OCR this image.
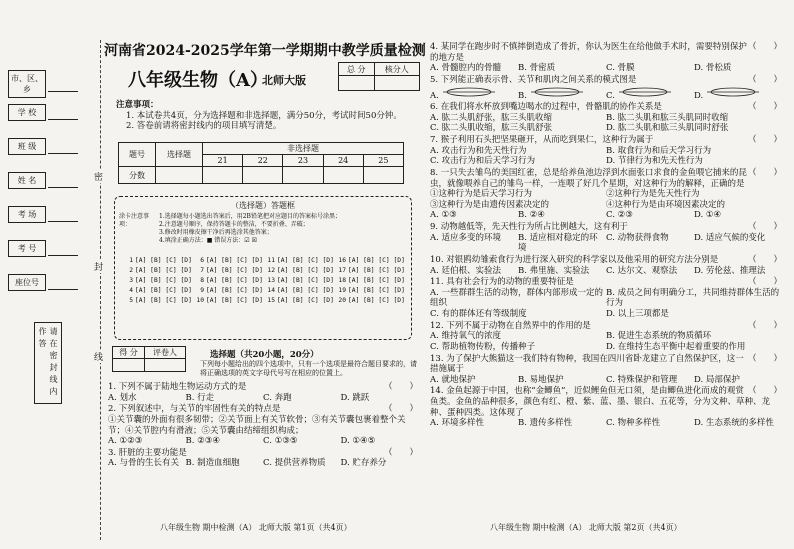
市、区、乡
学 校
班 级
姓 名
考 场
考 号
座位号
密
封
线
请在密封线内作答
河南省2024-2025学年第一学期期中教学质量检测
八年级生物（A）
北师大版
总 分	核分人

注意事项：
1. 本试卷共4页，分为选择题和非选择题，满分50分，考试时间50分钟。
2. 答卷前请将密封线内的项目填写清楚。
题号	选择题	非选择题				
		21	22	23	24	25
分数						
（选择题）答题框
涂卡注意事项：
1.选择题每小题选出答案后，用2B铅笔把对应题目的答案标号涂黑；
2.注意题号顺序，保持答题卡的整洁，不要折叠、弄破；
3.修改时用橡皮擦干净后再选涂其他答案；
4.填涂正确方法：■ 错误方法：☑ ☒
1 [A] [B] [C] [D]	6 [A] [B] [C] [D] 11 [A] [B] [C] [D] 16 [A] [B] [C] [D]
2 [A] [B] [C] [D]	7 [A] [B] [C] [D] 12 [A] [B] [C] [D] 17 [A] [B] [C] [D]
3 [A] [B] [C] [D]	8 [A] [B] [C] [D] 13 [A] [B] [C] [D] 18 [A] [B] [C] [D]
4 [A] [B] [C] [D]	9 [A] [B] [C] [D] 14 [A] [B] [C] [D] 19 [A] [B] [C] [D]
5 [A] [B] [C] [D] 10 [A] [B] [C] [D] 15 [A] [B] [C] [D] 20 [A] [B] [C] [D]
得 分	评卷人
		选择题（共20小题，20分）
下列每小题给出的四个选项中，只有一个选项是最符合题目要求的，请将正确选项的英文字母代号写在相应的位置上。
（　　）
1. 下列不属于陆地生物运动方式的是
A. 划水	B. 行走	C. 奔跑	D. 跳跃
（　　）
2. 下列叙述中，与关节的牢固性有关的特点是
①关节囊的外面有很多韧带；②关节面上有关节软骨；③有关节囊包裹着整个关节；④关节腔内有滑液；⑤关节囊由结缔组织构成；
A. ①②③	B. ②③④	C. ①③⑤	D. ①④⑤
（　　）
3. 肝脏的主要功能是
A. 与骨的生长有关 B. 制造血细胞	C. 提供营养物质	D. 贮存养分
（　　）
4. 某同学在跑步时不慎摔倒造成了骨折，你认为医生在给他做手术时，需要特别保护的地方是
A. 骨髓腔内的骨髓	B. 骨密质	C. 骨膜	D. 骨松质
（　　）
5. 下列能正确表示骨、关节和肌肉之间关系的模式图是
A.	B.	C.	D.
（　　）
6. 在我们将水杯放到嘴边喝水的过程中，骨骼肌的协作关系是
A. 肱二头肌舒张，肱三头肌收缩	B. 肱二头肌和肱三头肌同时收缩
C. 肱二头肌收缩，肱三头肌舒张	D. 肱二头肌和肱三头肌同时舒张
（　　）
7. 猴子利用石头把坚果砸开，从而吃到果仁，这种行为属于
A. 攻击行为和先天性行为	B. 取食行为和后天学习行为
C. 攻击行为和后天学习行为	D. 节律行为和先天性行为
（　　）
8. 一只失去雏鸟的美国红雀，总是给养鱼池边浮到水面张口求食的金鱼喂它捕来的昆虫，就像喂养自己的雏鸟一样，一连喂了好几个星期，对这种行为的解释，正确的是
①这种行为是后天学习行为	②这种行为是先天性行为
③这种行为是由遗传因素决定的	④这种行为是由环境因素决定的
A. ①③	B. ②④	C. ②③	D. ①④
（　　）
9. 动物越低等，先天性行为所占比例越大，这有利于
A. 适应多变的环境	B. 适应相对稳定的环境
C. 动物获得食物	D. 适应气候的变化
（　　）
10. 对银鸥幼雏索食行为进行深入研究的科学家以及他采用的研究方法分别是
A. 廷伯根、实验法	B. 弗里施、实验法	C. 达尔文、观察法	D. 劳伦兹、推理法
（　　）
11. 具有社会行为的动物的重要特征是
A. 一些群群生活的动物，群体内部形成一定的组织
B. 成员之间有明确分工，共同维持群体生活的行为
C. 有的群体还有等级制度	D. 以上三项都是
（　　）
12. 下列不属于动物在自然界中的作用的是
A. 维持氧气的浓度	B. 促进生态系统的物质循环
C. 帮助植物传粉，传播种子	D. 在维持生态平衡中起着重要的作用
（　　）
13. 为了保护大熊猫这一我们特有物种，我国在四川省卧龙建立了自然保护区，这一措施属于
A. 就地保护	B. 易地保护	C. 特殊保护和管理	D. 局部保护
（　　）
14. 金鱼起源于中国，也称“金鲫鱼”，近似鲤鱼但无口须，是由鲫鱼进化而成的观赏鱼类。金鱼的品种很多，颜色有红、橙、紫、蓝、墨、银白、五花等，分为文种、草种、龙种、蛋种四类。这体现了
A. 环境多样性	B. 遗传多样性	C. 物种多样性	D. 生态系统的多样性
八年级生物 期中检测（A） 北师大版 第1页（共4页）	八年级生物 期中检测（A） 北师大版 第2页（共4页）
